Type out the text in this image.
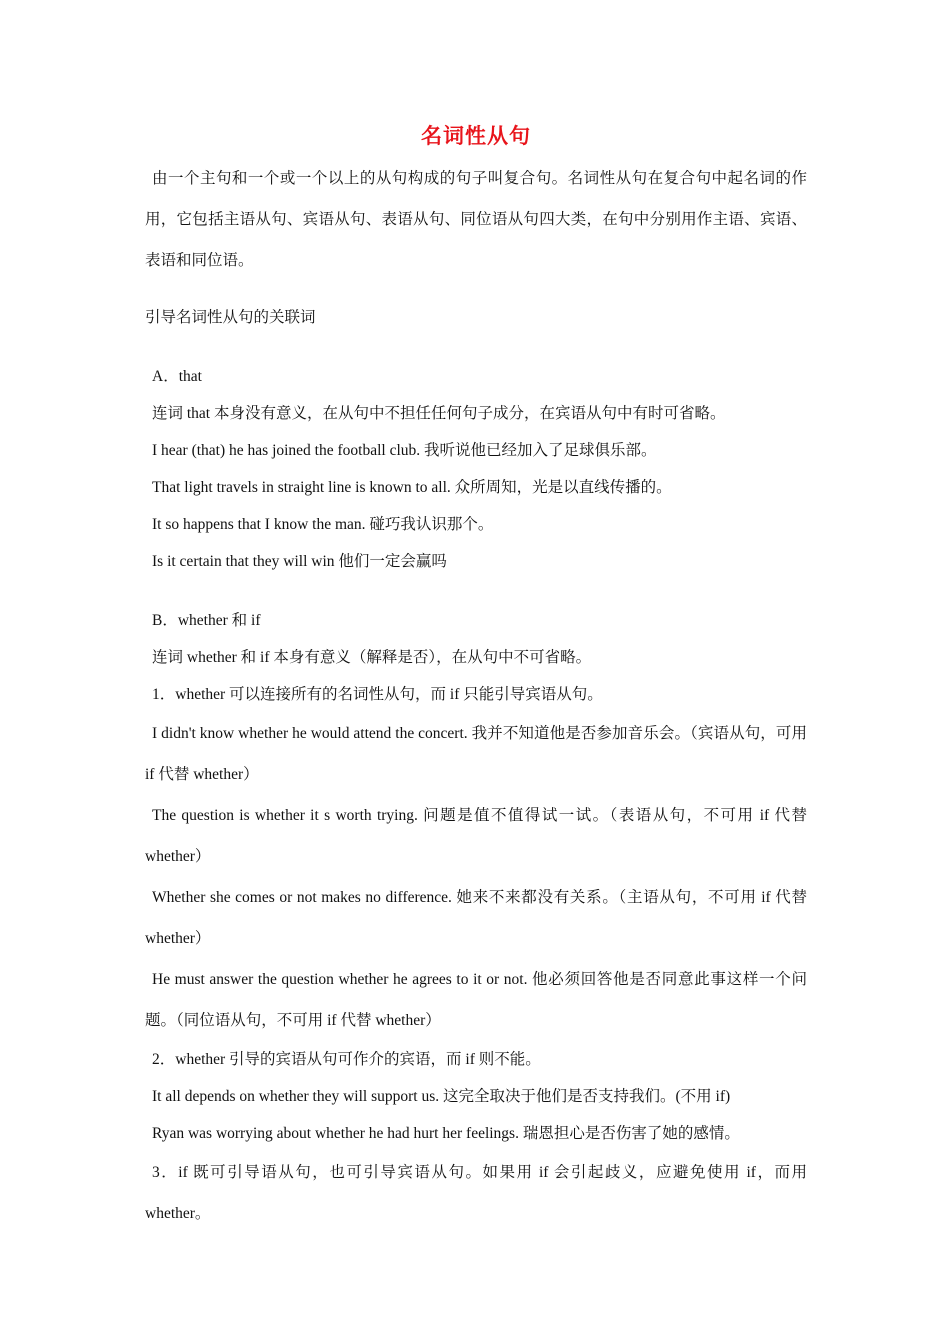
名词性从句

由一个主句和一个或一个以上的从句构成的句子叫复合句。名词性从句在复合句中起名词的作用，它包括主语从句、宾语从句、表语从句、同位语从句四大类，在句中分别用作主语、宾语、表语和同位语。

引导名词性从句的关联词

A．that

连词 that 本身没有意义，在从句中不担任任何句子成分，在宾语从句中有时可省略。

I hear (that) he has joined the football club. 我听说他已经加入了足球俱乐部。

That light travels in straight line is known to all. 众所周知，光是以直线传播的。

It so happens that I know the man. 碰巧我认识那个。

Is it certain that they will win 他们一定会赢吗

B．whether 和 if

连词 whether 和 if 本身有意义（解释是否），在从句中不可省略。

1．whether 可以连接所有的名词性从句，而 if 只能引导宾语从句。

I didn't know whether he would attend the concert. 我并不知道他是否参加音乐会。（宾语从句，可用 if 代替 whether）

The question is whether it s worth trying. 问题是值不值得试一试。（表语从句，不可用 if 代替 whether）

Whether she comes or not makes no difference. 她来不来都没有关系。（主语从句，不可用 if 代替 whether）

He must answer the question whether he agrees to it or not. 他必须回答他是否同意此事这样一个问题。（同位语从句，不可用 if 代替 whether）

2．whether 引导的宾语从句可作介的宾语，而 if 则不能。

It all depends on whether they will support us. 这完全取决于他们是否支持我们。(不用 if)

Ryan was worrying about whether he had hurt her feelings. 瑞恩担心是否伤害了她的感情。

3．if 既可引导语从句，也可引导宾语从句。如果用 if 会引起歧义，应避免使用 if，而用 whether。
